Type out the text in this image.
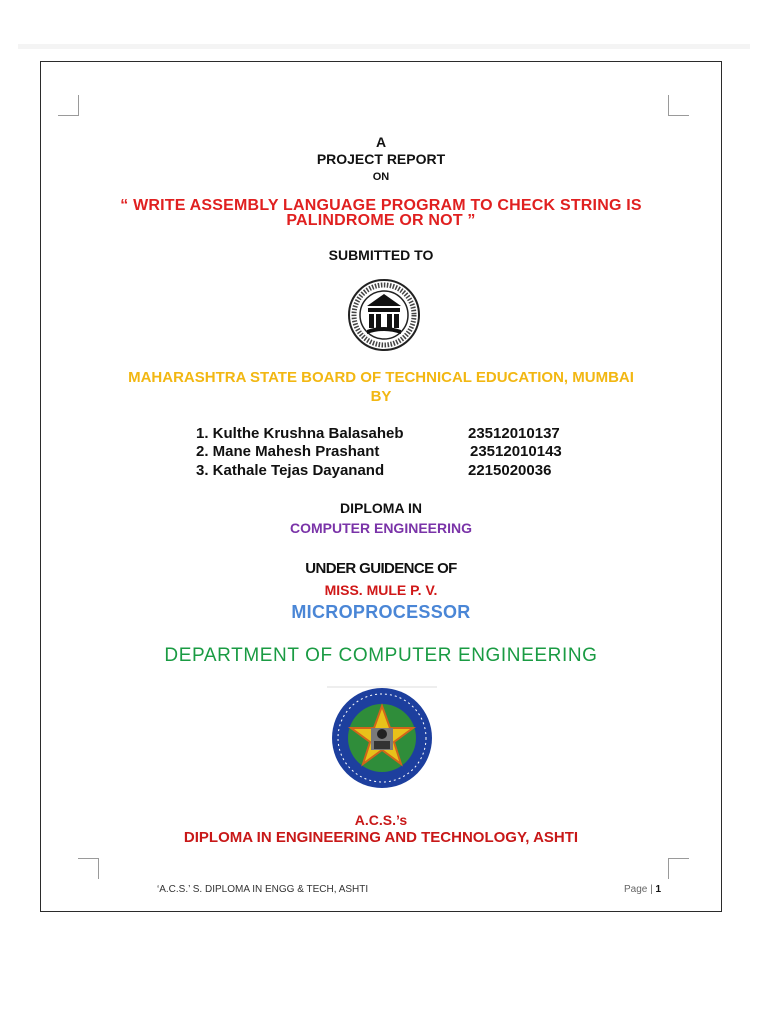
A
PROJECT REPORT
ON
“ WRITE ASSEMBLY LANGUAGE PROGRAM TO CHECK STRING IS
PALINDROME OR NOT ”
SUBMITTED TO
MAHARASHTRA STATE BOARD OF TECHNICAL EDUCATION, MUMBAI
BY
1. Kulthe Krushna Balasaheb	23512010137
2. Mane Mahesh Prashant	23512010143
3. Kathale Tejas Dayanand	2215020036
DIPLOMA IN
COMPUTER ENGINEERING
UNDER GUIDENCE OF
MISS. MULE P. V.
MICROPROCESSOR
DEPARTMENT OF COMPUTER ENGINEERING
A.C.S.’s
DIPLOMA IN ENGINEERING AND TECHNOLOGY, ASHTI
‘A.C.S.’ S. DIPLOMA IN ENGG & TECH, ASHTI	Page | 1
